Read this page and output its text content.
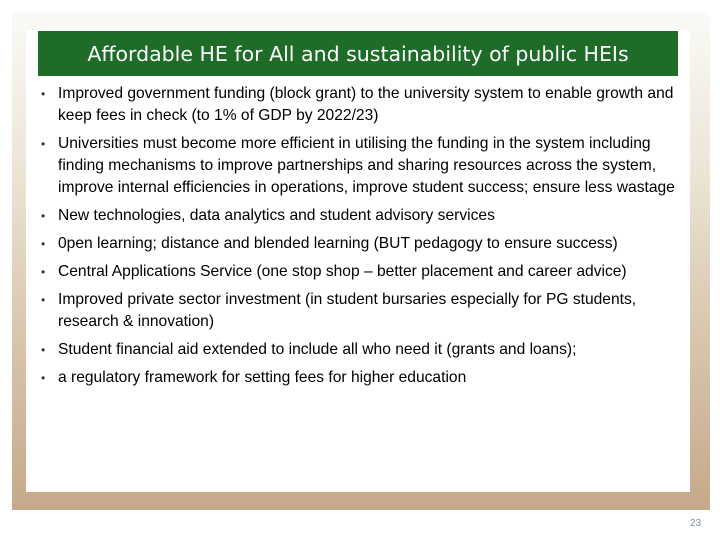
Affordable HE for All and sustainability of public HEIs
• Improved government funding (block grant) to the university system to enable growth and keep fees in check (to 1% of GDP by 2022/23)
• Universities must become more efficient in utilising the funding in the system including finding mechanisms to improve partnerships and sharing resources across the system, improve internal efficiencies in operations, improve student success; ensure less wastage
• New technologies, data analytics and student advisory services
• 0pen learning; distance and blended learning (BUT pedagogy to ensure success)
• Central Applications Service (one stop shop – better placement and career advice)
• Improved private sector investment (in student bursaries especially for PG students, research & innovation)
• Student financial aid extended to include all who need it (grants and loans);
• a regulatory framework for setting fees for higher education
23
